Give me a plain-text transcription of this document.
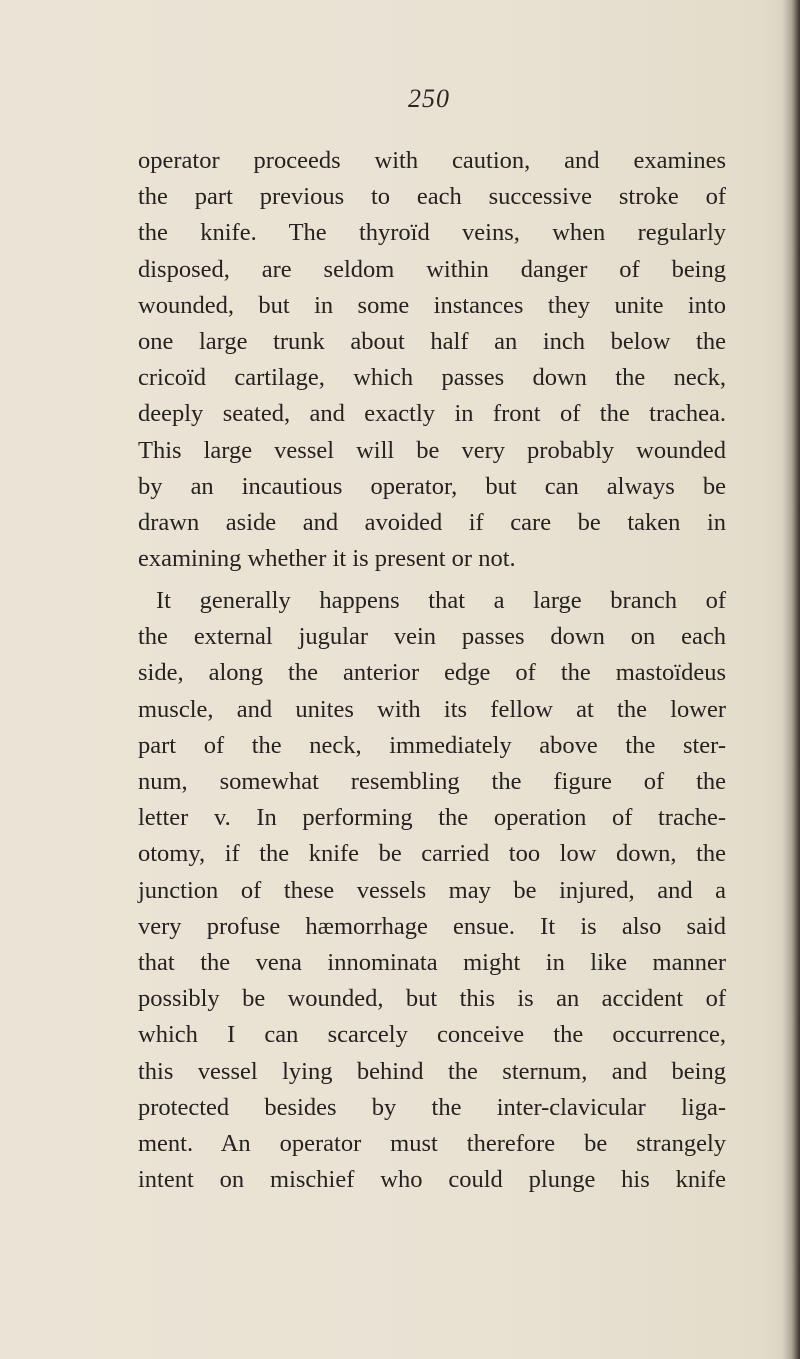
250

operator proceeds with caution, and examines
the part previous to each successive stroke of
the knife. The thyroïd veins, when regularly
disposed, are seldom within danger of being
wounded, but in some instances they unite into
one large trunk about half an inch below the
cricoïd cartilage, which passes down the neck,
deeply seated, and exactly in front of the trachea.
This large vessel will be very probably wounded
by an incautious operator, but can always be
drawn aside and avoided if care be taken in
examining whether it is present or not.

It generally happens that a large branch of
the external jugular vein passes down on each
side, along the anterior edge of the mastoïdeus
muscle, and unites with its fellow at the lower
part of the neck, immediately above the ster-
num, somewhat resembling the figure of the
letter v. In performing the operation of trache-
otomy, if the knife be carried too low down, the
junction of these vessels may be injured, and a
very profuse hæmorrhage ensue. It is also said
that the vena innominata might in like manner
possibly be wounded, but this is an accident of
which I can scarcely conceive the occurrence,
this vessel lying behind the sternum, and being
protected besides by the inter-clavicular liga-
ment. An operator must therefore be strangely
intent on mischief who could plunge his knife
